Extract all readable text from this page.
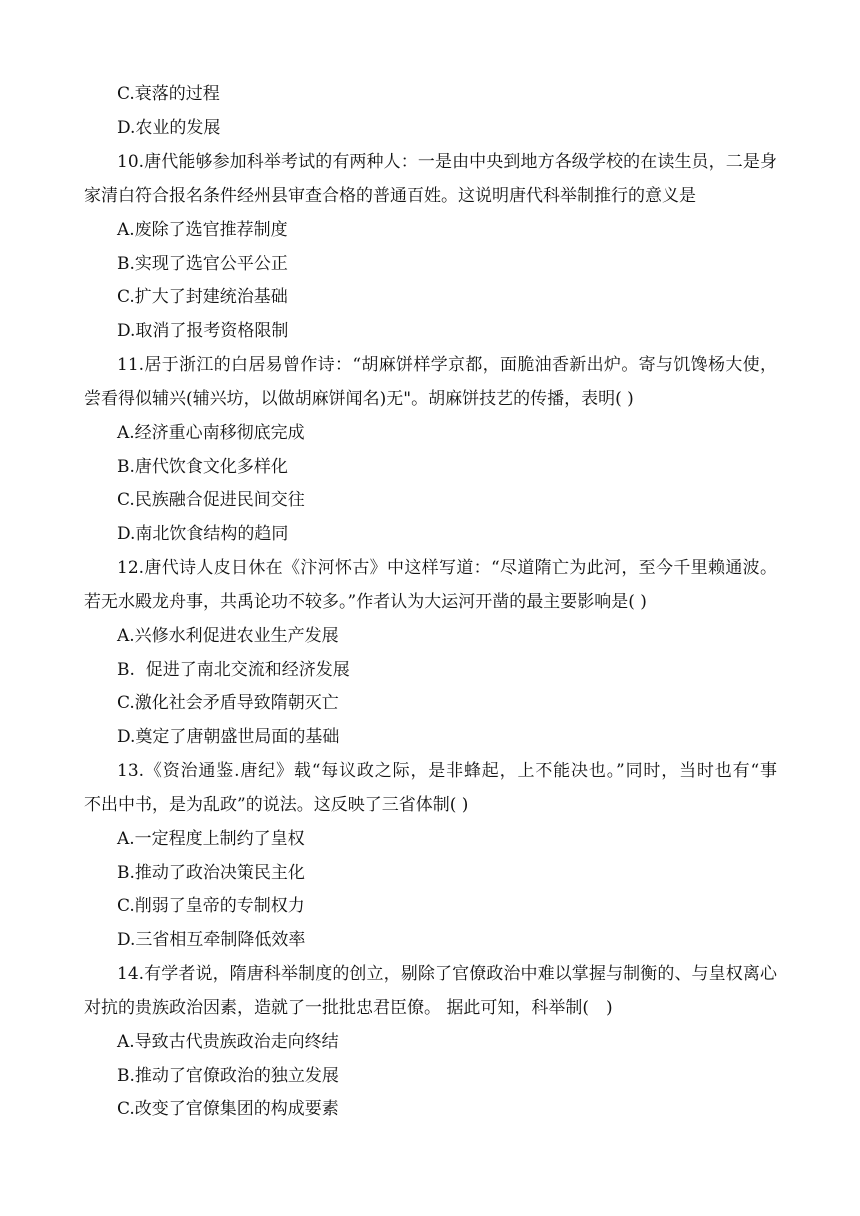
C.衰落的过程
D.农业的发展
10.唐代能够参加科举考试的有两种人：一是由中央到地方各级学校的在读生员，二是身
家清白符合报名条件经州县审查合格的普通百姓。这说明唐代科举制推行的意义是
A.废除了选官推荐制度
B.实现了选官公平公正
C.扩大了封建统治基础
D.取消了报考资格限制
11.居于浙江的白居易曾作诗：“胡麻饼样学京都，面脆油香新出炉。寄与饥馋杨大使，
尝看得似辅兴(辅兴坊，以做胡麻饼闻名)无"。胡麻饼技艺的传播，表明( )
A.经济重心南移彻底完成
B.唐代饮食文化多样化
C.民族融合促进民间交往
D.南北饮食结构的趋同
12.唐代诗人皮日休在《汴河怀古》中这样写道：“尽道隋亡为此河，至今千里赖通波。
若无水殿龙舟事，共禹论功不较多。”作者认为大运河开凿的最主要影响是( )
A.兴修水利促进农业生产发展
B.  促进了南北交流和经济发展
C.激化社会矛盾导致隋朝灭亡
D.奠定了唐朝盛世局面的基础
13.《资治通鉴.唐纪》载“每议政之际，是非蜂起，上不能决也。”同时，当时也有“事
不出中书，是为乱政”的说法。这反映了三省体制( )
A.一定程度上制约了皇权
B.推动了政治决策民主化
C.削弱了皇帝的专制权力
D.三省相互牵制降低效率
14.有学者说，隋唐科举制度的创立，剔除了官僚政治中难以掌握与制衡的、与皇权离心
对抗的贵族政治因素，造就了一批批忠君臣僚。 据此可知，科举制(　)
A.导致古代贵族政治走向终结
B.推动了官僚政治的独立发展
C.改变了官僚集团的构成要素
